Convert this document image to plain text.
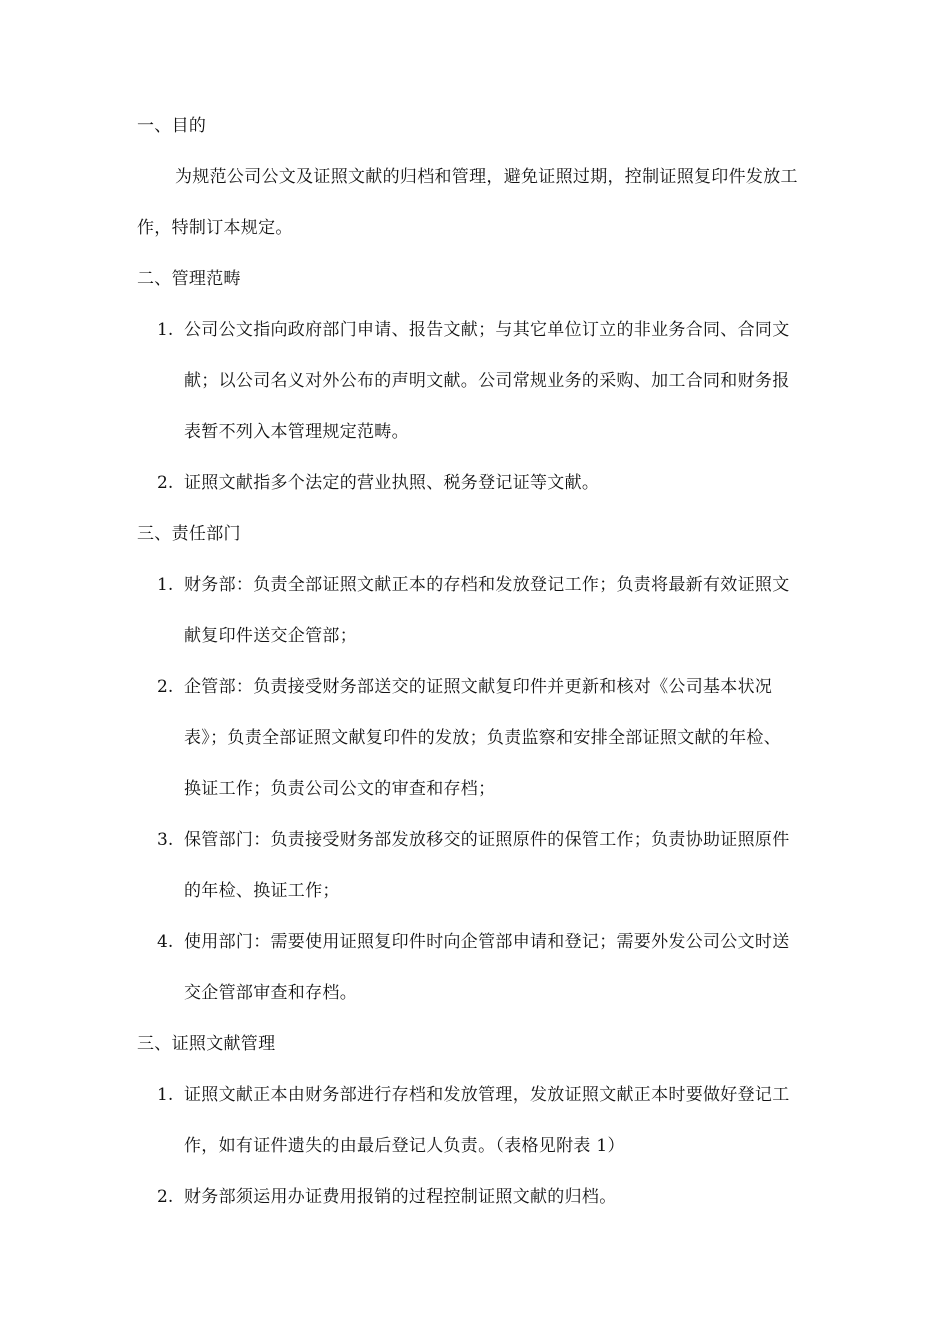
一、目的
为规范公司公文及证照文献的归档和管理，避免证照过期，控制证照复印件发放工
作，特制订本规定。
二、管理范畴
1. 公司公文指向政府部门申请、报告文献；与其它单位订立的非业务合同、合同文
献；以公司名义对外公布的声明文献。公司常规业务的采购、加工合同和财务报
表暂不列入本管理规定范畴。
2. 证照文献指多个法定的营业执照、税务登记证等文献。
三、责任部门
1. 财务部：负责全部证照文献正本的存档和发放登记工作；负责将最新有效证照文
献复印件送交企管部；
2. 企管部：负责接受财务部送交的证照文献复印件并更新和核对《公司基本状况
表》；负责全部证照文献复印件的发放；负责监察和安排全部证照文献的年检、
换证工作；负责公司公文的审查和存档；
3. 保管部门：负责接受财务部发放移交的证照原件的保管工作；负责协助证照原件
的年检、换证工作；
4. 使用部门：需要使用证照复印件时向企管部申请和登记；需要外发公司公文时送
交企管部审查和存档。
三、证照文献管理
1. 证照文献正本由财务部进行存档和发放管理，发放证照文献正本时要做好登记工
作，如有证件遗失的由最后登记人负责。（表格见附表 1）
2. 财务部须运用办证费用报销的过程控制证照文献的归档。
